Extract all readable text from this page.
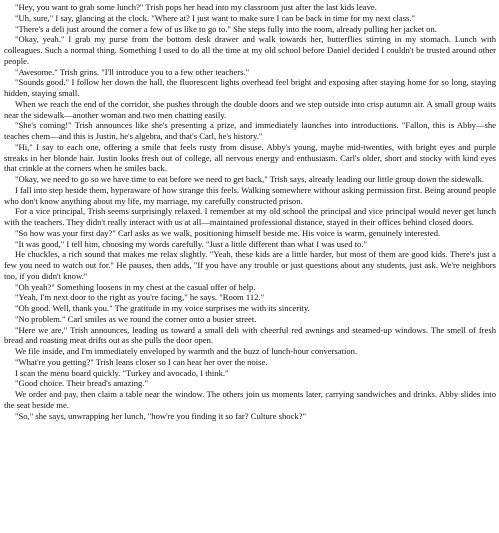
"Hey, you want to grab some lunch?" Trish pops her head into my classroom just after the last kids leave.

"Uh, sure," I say, glancing at the clock. "Where at? I just want to make sure I can be back in time for my next class."

"There's a deli just around the corner a few of us like to go to." She steps fully into the room, already pulling her jacket on.

"Okay, yeah." I grab my purse from the bottom desk drawer and walk towards her, butterflies stirring in my stomach. Lunch with colleagues. Such a normal thing. Something I used to do all the time at my old school before Daniel decided I couldn't be trusted around other people.

"Awesome." Trish grins. "I'll introduce you to a few other teachers."

"Sounds good." I follow her down the hall, the fluorescent lights overhead feel bright and exposing after staying home for so long, staying hidden, staying small.

When we reach the end of the corridor, she pushes through the double doors and we step outside into crisp autumn air. A small group waits near the sidewalk—another woman and two men chatting easily.

"She's coming!" Trish announces like she's presenting a prize, and immediately launches into introductions. "Fallon, this is Abby—she teaches chem—and this is Justin, he's algebra, and that's Carl, he's history."

"Hi," I say to each one, offering a smile that feels rusty from disuse. Abby's young, maybe mid-twenties, with bright eyes and purple streaks in her blonde hair. Justin looks fresh out of college, all nervous energy and enthusiasm. Carl's older, short and stocky with kind eyes that crinkle at the corners when he smiles back.

"Okay, we need to go so we have time to eat before we need to get back," Trish says, already leading our little group down the sidewalk.

I fall into step beside them, hyperaware of how strange this feels. Walking somewhere without asking permission first. Being around people who don't know anything about my life, my marriage, my carefully constructed prison.

For a vice principal, Trish seems surprisingly relaxed. I remember at my old school the principal and vice principal would never get lunch with the teachers. They didn't really interact with us at all—maintained professional distance, stayed in their offices behind closed doors.

"So how was your first day?" Carl asks as we walk, positioning himself beside me. His voice is warm, genuinely interested.

"It was good," I tell him, choosing my words carefully. "Just a little different than what I was used to."

He chuckles, a rich sound that makes me relax slightly. "Yeah, these kids are a little harder, but most of them are good kids. There's just a few you need to watch out for." He pauses, then adds, "If you have any trouble or just questions about any students, just ask. We're neighbors too, if you didn't know."

"Oh yeah?" Something loosens in my chest at the casual offer of help.

"Yeah, I'm next door to the right as you're facing," he says. "Room 112."

"Oh good. Well, thank you." The gratitude in my voice surprises me with its sincerity.

"No problem." Carl smiles as we round the corner onto a busier street.

"Here we are," Trish announces, leading us toward a small deli with cheerful red awnings and steamed-up windows. The smell of fresh bread and roasting meat drifts out as she pulls the door open.

We file inside, and I'm immediately enveloped by warmth and the buzz of lunch-hour conversation.

"What're you getting?" Trish leans closer so I can hear her over the noise.

I scan the menu board quickly. "Turkey and avocado, I think."

"Good choice. Their bread's amazing."

We order and pay, then claim a table near the window. The others join us moments later, carrying sandwiches and drinks. Abby slides into the seat beside me.

"So," she says, unwrapping her lunch, "how're you finding it so far? Culture shock?"
